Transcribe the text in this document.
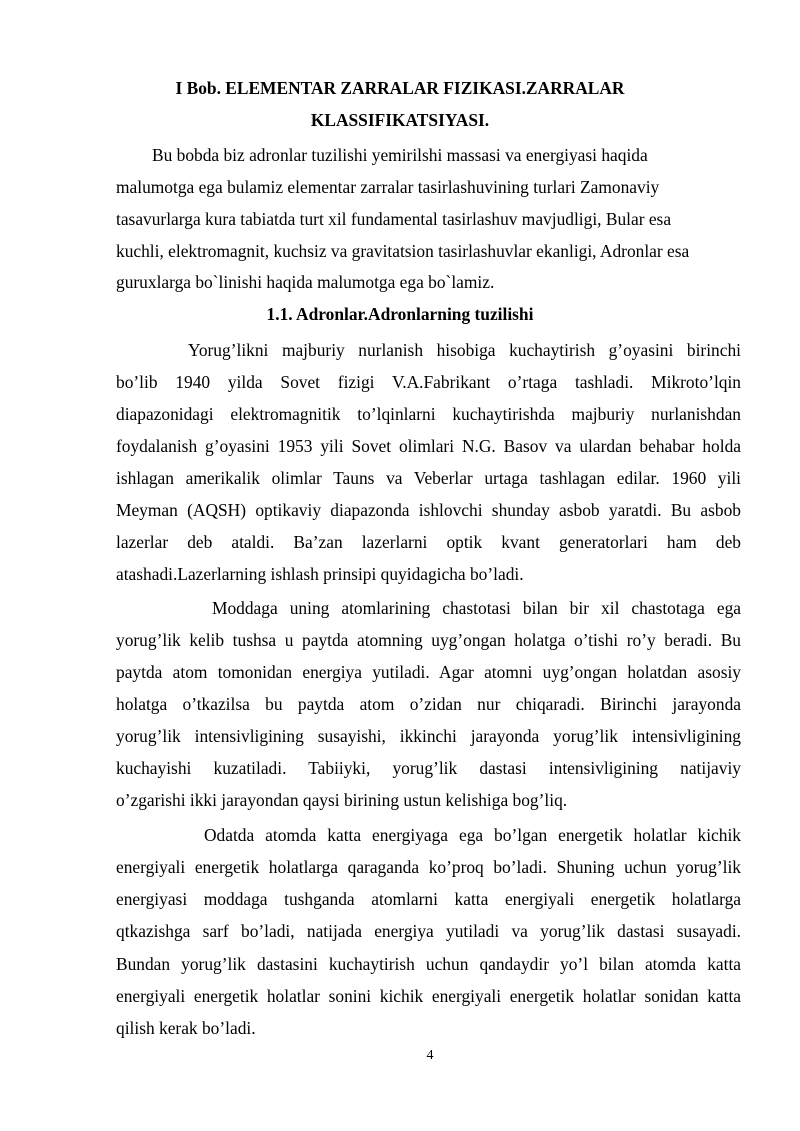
I Bob. ELEMENTAR ZARRALAR FIZIKASI.ZARRALAR
KLASSIFIKATSIYASI.
Bu bobda biz adronlar tuzilishi yemirilshi massasi va energiyasi haqida
malumotga ega bulamiz elementar zarralar tasirlashuvining turlari Zamonaviy
tasavurlarga kura tabiatda turt xil fundamental tasirlashuv mavjudligi, Bular esa
kuchli, elektromagnit, kuchsiz va gravitatsion tasirlashuvlar ekanligi, Adronlar esa
guruxlarga bo`linishi haqida malumotga ega bo`lamiz.
1.1. Adronlar.Adronlarning tuzilishi
Yorug’likni majburiy nurlanish hisobiga kuchaytirish g’oyasini birinchi
bo’lib 1940 yilda Sovet fizigi V.A.Fabrikant o’rtaga tashladi. Mikroto’lqin
diapazonidagi elektromagnitik to’lqinlarni kuchaytirishda majburiy nurlanishdan
foydalanish g’oyasini 1953 yili Sovet olimlari N.G. Basov va ulardan behabar holda
ishlagan amerikalik olimlar Tauns va Veberlar urtaga tashlagan edilar. 1960 yili
Meyman (AQSH) optikaviy diapazonda ishlovchi shunday asbob yaratdi. Bu asbob
lazerlar deb ataldi. Ba’zan lazerlarni optik kvant generatorlari ham deb
atashadi.Lazerlarning ishlash prinsipi quyidagicha bo’ladi.
Moddaga uning atomlarining chastotasi bilan bir xil chastotaga ega
yorug’lik kelib tushsa u paytda atomning uyg’ongan holatga o’tishi ro’y beradi. Bu
paytda atom tomonidan energiya yutiladi. Agar atomni uyg’ongan holatdan asosiy
holatga o’tkazilsa bu paytda atom o’zidan nur chiqaradi. Birinchi jarayonda
yorug’lik intensivligining susayishi, ikkinchi jarayonda yorug’lik intensivligining
kuchayishi kuzatiladi. Tabiiyki, yorug’lik dastasi intensivligining natijaviy
o’zgarishi ikki jarayondan qaysi birining ustun kelishiga bog’liq.
Odatda atomda katta energiyaga ega bo’lgan energetik holatlar kichik
energiyali energetik holatlarga qaraganda ko’proq bo’ladi. Shuning uchun yorug’lik
energiyasi moddaga tushganda atomlarni katta energiyali energetik holatlarga
qtkazishga sarf bo’ladi, natijada energiya yutiladi va yorug’lik dastasi susayadi.
Bundan yorug’lik dastasini kuchaytirish uchun qandaydir yo’l bilan atomda katta
energiyali energetik holatlar sonini kichik energiyali energetik holatlar sonidan katta
qilish kerak bo’ladi.
4
